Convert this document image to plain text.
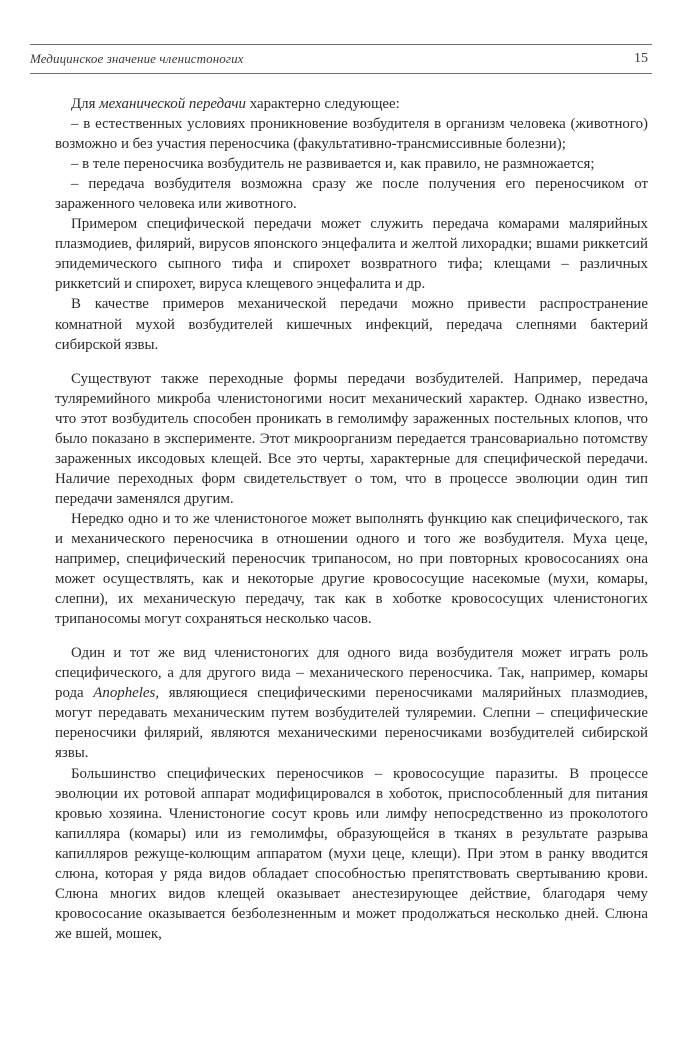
Медицинское значение членистоногих	15

Для механической передачи характерно следующее:

– в естественных условиях проникновение возбудителя в организм человека (животного) возможно и без участия переносчика (факультативно-трансмиссивные болезни);

– в теле переносчика возбудитель не развивается и, как правило, не размножается;

– передача возбудителя возможна сразу же после получения его переносчиком от зараженного человека или животного.

Примером специфической передачи может служить передача комарами малярийных плазмодиев, филярий, вирусов японского энцефалита и желтой лихорадки; вшами риккетсий эпидемического сыпного тифа и спирохет возвратного тифа; клещами – различных риккетсий и спирохет, вируса клещевого энцефалита и др.

В качестве примеров механической передачи можно привести распространение комнатной мухой возбудителей кишечных инфекций, передача слепнями бактерий сибирской язвы.

Существуют также переходные формы передачи возбудителей. Например, передача туляремийного микроба членистоногими носит механический характер. Однако известно, что этот возбудитель способен проникать в гемолимфу зараженных постельных клопов, что было показано в эксперименте. Этот микроорганизм передается трансовариально потомству зараженных иксодовых клещей. Все это черты, характерные для специфической передачи. Наличие переходных форм свидетельствует о том, что в процессе эволюции один тип передачи заменялся другим.

Нередко одно и то же членистоногое может выполнять функцию как специфического, так и механического переносчика в отношении одного и того же возбудителя. Муха цеце, например, специфический переносчик трипаносом, но при повторных кровососаниях она может осуществлять, как и некоторые другие кровососущие насекомые (мухи, комары, слепни), их механическую передачу, так как в хоботке кровососущих членистоногих трипаносомы могут сохраняться несколько часов.

Один и тот же вид членистоногих для одного вида возбудителя может играть роль специфического, а для другого вида – механического переносчика. Так, например, комары рода Anopheles, являющиеся специфическими переносчиками малярийных плазмодиев, могут передавать механическим путем возбудителей туляремии. Слепни – специфические переносчики филярий, являются механическими переносчиками возбудителей сибирской язвы.

Большинство специфических переносчиков – кровососущие паразиты. В процессе эволюции их ротовой аппарат модифицировался в хоботок, приспособленный для питания кровью хозяина. Членистоногие сосут кровь или лимфу непосредственно из проколотого капилляра (комары) или из гемолимфы, образующейся в тканях в результате разрыва капилляров режуще-колющим аппаратом (мухи цеце, клещи). При этом в ранку вводится слюна, которая у ряда видов обладает способностью препятствовать свертыванию крови. Слюна многих видов клещей оказывает анестезирующее действие, благодаря чему кровососание оказывается безболезненным и может продолжаться несколько дней. Слюна же вшей, мошек,
